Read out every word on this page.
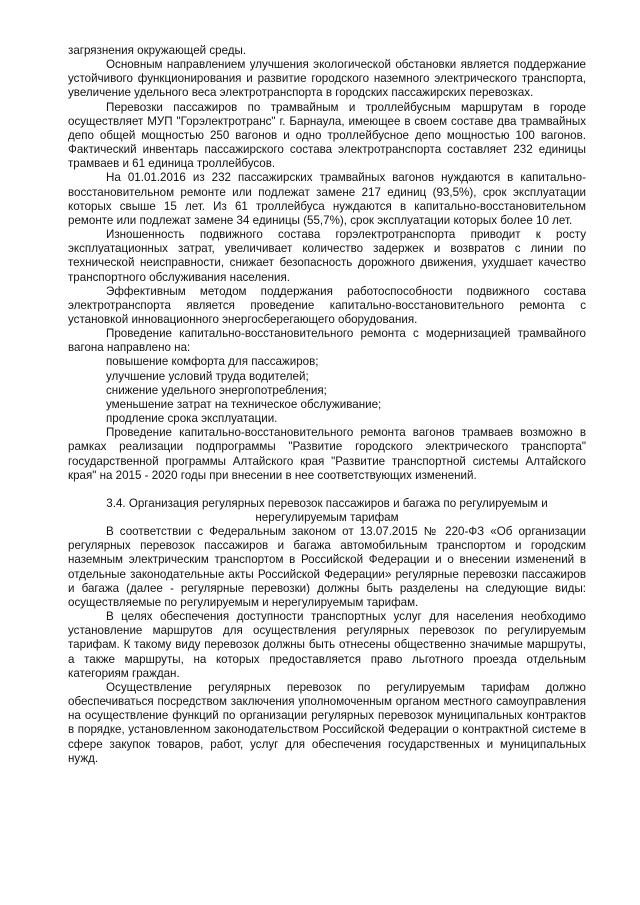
загрязнения окружающей среды.

Основным направлением улучшения экологической обстановки является поддержание устойчивого функционирования и развитие городского наземного электрического транспорта, увеличение удельного веса электротранспорта в городских пассажирских перевозках.

Перевозки пассажиров по трамвайным и троллейбусным маршрутам в городе осуществляет МУП "Горэлектротранс" г. Барнаула, имеющее в своем составе два трамвайных депо общей мощностью 250 вагонов и одно троллейбусное депо мощностью 100 вагонов. Фактический инвентарь пассажирского состава электротранспорта составляет 232 единицы трамваев и 61 единица троллейбусов.

На 01.01.2016 из 232 пассажирских трамвайных вагонов нуждаются в капитально-восстановительном ремонте или подлежат замене 217 единиц (93,5%), срок эксплуатации которых свыше 15 лет. Из 61 троллейбуса нуждаются в капитально-восстановительном ремонте или подлежат замене 34 единицы (55,7%), срок эксплуатации которых более 10 лет.

Изношенность подвижного состава горэлектротранспорта приводит к росту эксплуатационных затрат, увеличивает количество задержек и возвратов с линии по технической неисправности, снижает безопасность дорожного движения, ухудшает качество транспортного обслуживания населения.

Эффективным методом поддержания работоспособности подвижного состава электротранспорта является проведение капитально-восстановительного ремонта с установкой инновационного энергосберегающего оборудования.

Проведение капитально-восстановительного ремонта с модернизацией трамвайного вагона направлено на:

повышение комфорта для пассажиров;

улучшение условий труда водителей;

снижение удельного энергопотребления;

уменьшение затрат на техническое обслуживание;

продление срока эксплуатации.

Проведение капитально-восстановительного ремонта вагонов трамваев возможно в рамках реализации подпрограммы "Развитие городского электрического транспорта" государственной программы Алтайского края "Развитие транспортной системы Алтайского края" на 2015 - 2020 годы при внесении в нее соответствующих изменений.

3.4. Организация регулярных перевозок пассажиров и багажа по регулируемым и
нерегулируемым тарифам

В соответствии с Федеральным законом от 13.07.2015 № 220-ФЗ «Об организации регулярных перевозок пассажиров и багажа автомобильным транспортом и городским наземным электрическим транспортом в Российской Федерации и о внесении изменений в отдельные законодательные акты Российской Федерации» регулярные перевозки пассажиров и багажа (далее - регулярные перевозки) должны быть разделены на следующие виды: осуществляемые по регулируемым и нерегулируемым тарифам.

В целях обеспечения доступности транспортных услуг для населения необходимо установление маршрутов для осуществления регулярных перевозок по регулируемым тарифам. К такому виду перевозок должны быть отнесены общественно значимые маршруты, а также маршруты, на которых предоставляется право льготного проезда отдельным категориям граждан.

Осуществление регулярных перевозок по регулируемым тарифам должно обеспечиваться посредством заключения уполномоченным органом местного самоуправления на осуществление функций по организации регулярных перевозок муниципальных контрактов в порядке, установленном законодательством Российской Федерации о контрактной системе в сфере закупок товаров, работ, услуг для обеспечения государственных и муниципальных нужд.
